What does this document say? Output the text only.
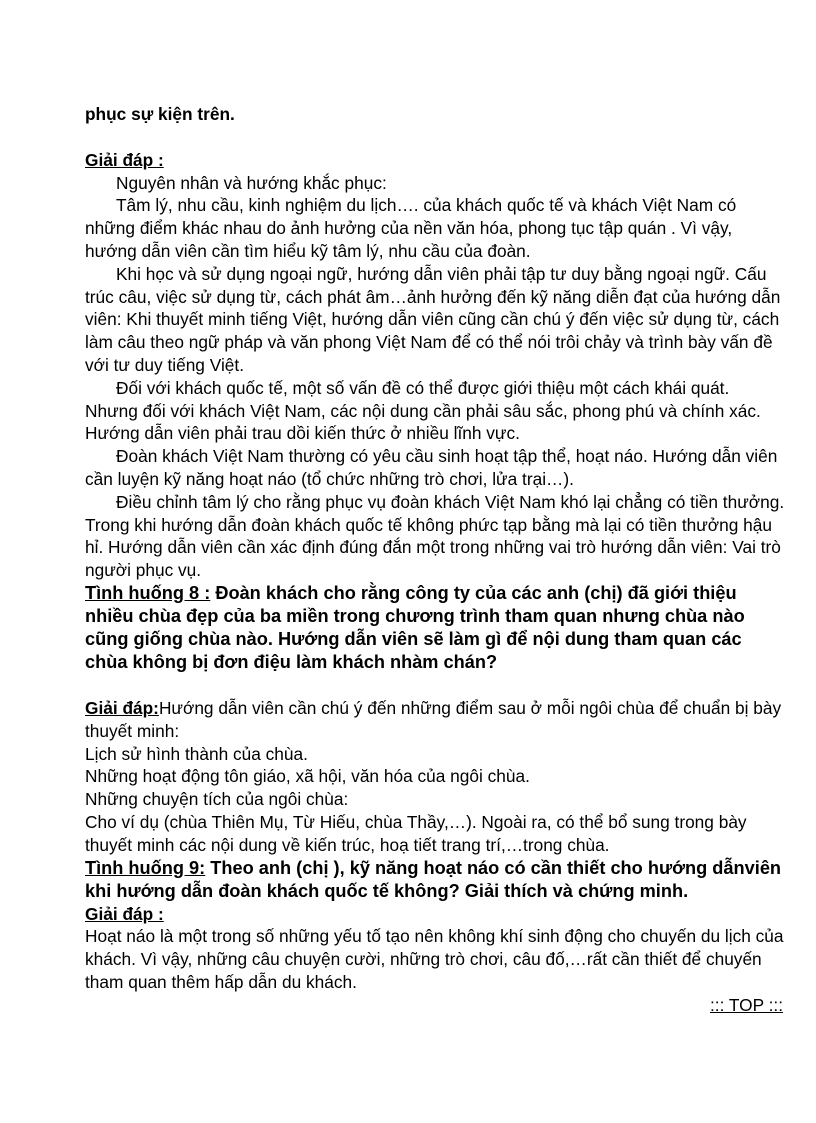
phục sự kiện trên.

Giải đáp :

Nguyên nhân và hướng khắc phục:

Tâm lý, nhu cầu, kinh nghiệm du lịch…. của khách quốc tế và khách Việt Nam có những điểm khác nhau do ảnh hưởng của nền văn hóa, phong tục tập quán . Vì vậy, hướng dẫn viên cần tìm hiểu kỹ tâm lý, nhu cầu của đoàn.

Khi học và sử dụng ngoại ngữ, hướng dẫn viên phải tập tư duy bằng ngoại ngữ. Cấu trúc câu, việc sử dụng từ, cách phát âm…ảnh hưởng đến kỹ năng diễn đạt của hướng dẫn viên: Khi thuyết minh tiếng Việt, hướng dẫn viên cũng cần chú ý đến việc sử dụng từ, cách làm câu theo ngữ pháp và văn phong Việt Nam để có thể nói trôi chảy và trình bày vấn đề với tư duy tiếng Việt.

Đối với khách quốc tế, một số vấn đề có thể được giới thiệu một cách khái quát. Nhưng đối với khách Việt Nam, các nội dung cần phải sâu sắc, phong phú và chính xác. Hướng dẫn viên phải trau dồi kiến thức ở nhiều lĩnh vực.

Đoàn khách Việt Nam thường có yêu cầu sinh hoạt tập thể, hoạt náo. Hướng dẫn viên cần luyện kỹ năng hoạt náo (tổ chức những trò chơi, lửa trại…).

Điều chỉnh tâm lý cho rằng phục vụ đoàn khách Việt Nam khó lại chẳng có tiền thưởng. Trong khi hướng dẫn đoàn khách quốc tế không phức tạp bằng mà lại có tiền thưởng hậu hỉ. Hướng dẫn viên cần xác định đúng đắn một trong những vai trò hướng dẫn viên: Vai trò người phục vụ.

Tình huống 8 : Đoàn khách cho rằng công ty của các anh (chị) đã giới thiệu nhiều chùa đẹp của ba miền trong chương trình tham quan nhưng chùa nào cũng giống chùa nào. Hướng dẫn viên sẽ làm gì để nội dung tham quan các chùa không bị đơn điệu làm khách nhàm chán?

Giải đáp:Hướng dẫn viên cần chú ý đến những điểm sau ở mỗi ngôi chùa để chuẩn bị bày thuyết minh:

Lịch sử hình thành của chùa.

Những hoạt động tôn giáo, xã hội, văn hóa của ngôi chùa.

Những chuyện tích của ngôi chùa:

Cho ví dụ (chùa Thiên Mụ, Từ Hiếu, chùa Thầy,…). Ngoài ra, có thể bổ sung trong bày thuyết minh các nội dung về kiến trúc, hoạ tiết trang trí,…trong chùa.

Tình huống 9: Theo anh (chị ), kỹ năng hoạt náo có cần thiết cho hướng dẫnviên khi hướng dẫn đoàn khách quốc tế không? Giải thích và chứng minh.

Giải đáp :

Hoạt náo là một trong số những yếu tố tạo nên không khí sinh động cho chuyến du lịch của khách. Vì vậy, những câu chuyện cười, những trò chơi, câu đố,…rất cần thiết để chuyến tham quan thêm hấp dẫn du khách.

::: TOP :::
